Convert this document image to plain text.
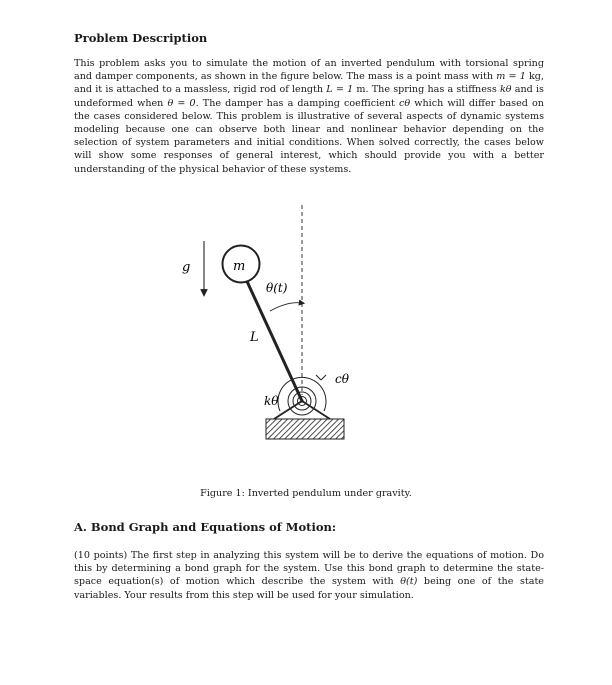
Problem Description

This problem asks you to simulate the motion of an inverted pendulum with torsional spring and damper components, as shown in the figure below. The mass is a point mass with m = 1 kg, and it is attached to a massless, rigid rod of length L = 1 m. The spring has a stiffness kθ and is undeformed when θ = 0. The damper has a damping coefficient cθ which will differ based on the cases considered below. This problem is illustrative of several aspects of dynamic systems modeling because one can observe both linear and nonlinear behavior depending on the selection of system parameters and initial conditions. When solved correctly, the cases below will show some responses of general interest, which should provide you with a better understanding of the physical behavior of these systems.

g	m
θ(t)
L
cθ
kθ
Figure 1: Inverted pendulum under gravity.
A. Bond Graph and Equations of Motion:

(10 points) The first step in analyzing this system will be to derive the equations of motion. Do this by determining a bond graph for the system. Use this bond graph to determine the state-space equation(s) of motion which describe the system with θ(t) being one of the state variables. Your results from this step will be used for your simulation.
